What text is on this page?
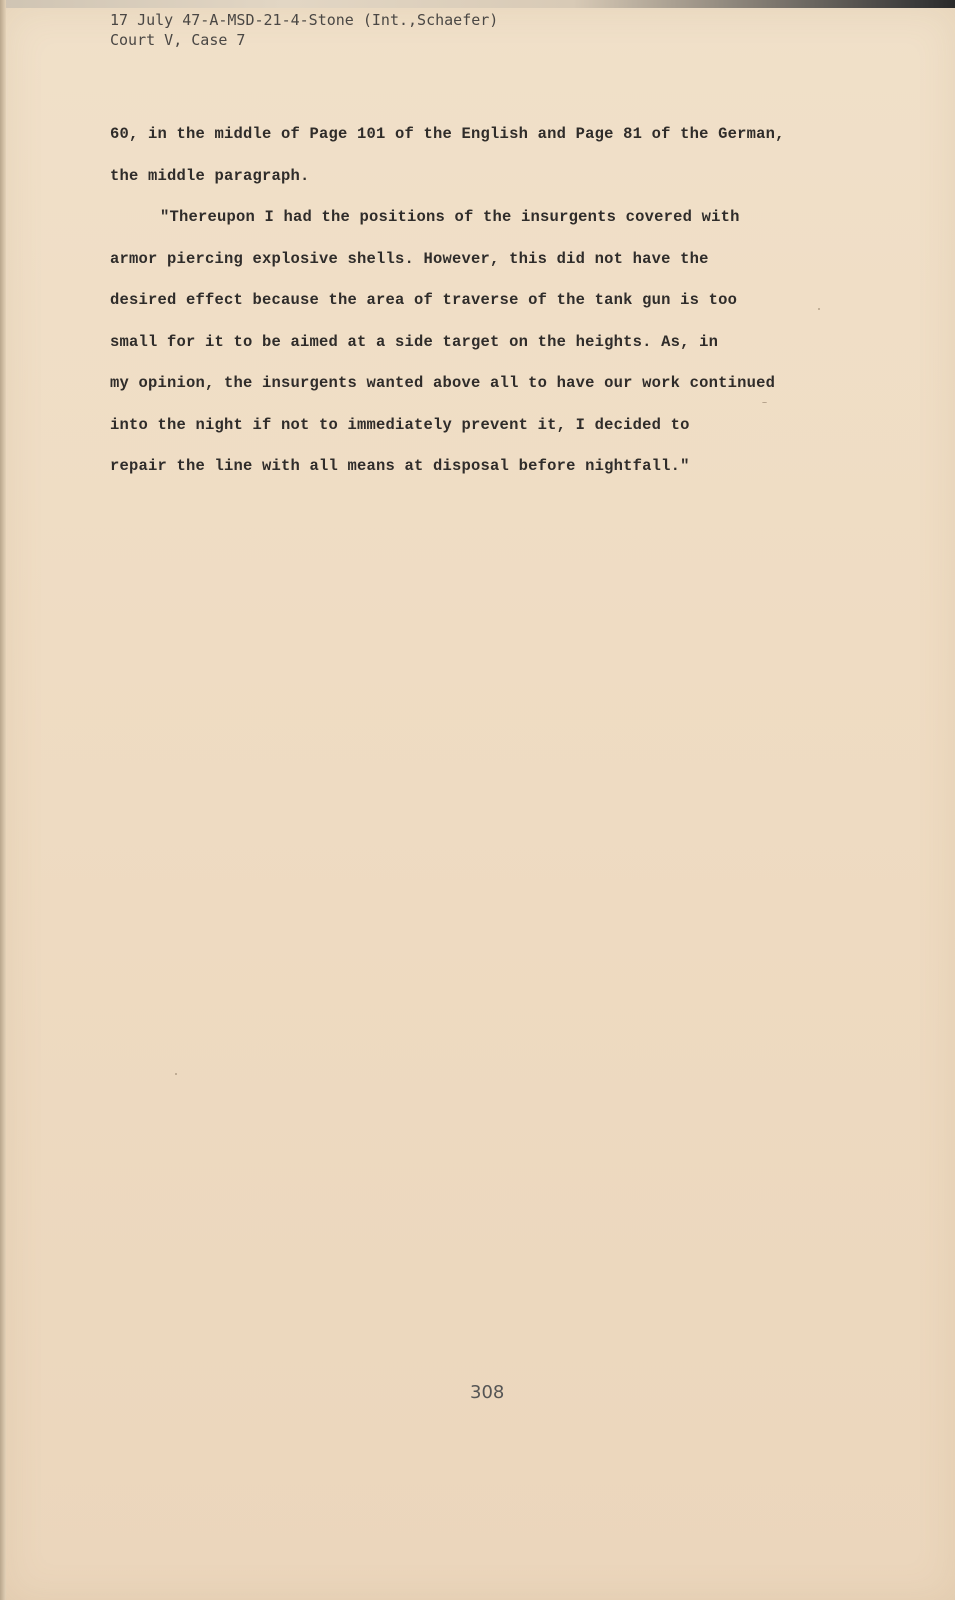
17 July 47-A-MSD-21-4-Stone (Int.,Schaefer)
Court V, Case 7

60, in the middle of Page 101 of the English and Page 81 of the German,

the middle paragraph.

"Thereupon I had the positions of the insurgents covered with

armor piercing explosive shells. However, this did not have the

desired effect because the area of traverse of the tank gun is too

small for it to be aimed at a side target on the heights. As, in

my opinion, the insurgents wanted above all to have our work continued

into the night if not to immediately prevent it, I decided to

repair the line with all means at disposal before nightfall."

308
